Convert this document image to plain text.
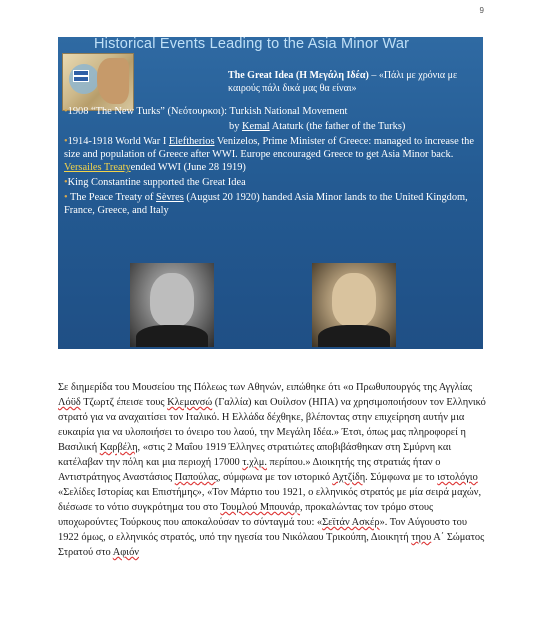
9
Historical Events Leading to the Asia Minor War
The Great Idea (Η Μεγάλη Ιδέα) – «Πάλι με χρόνια με καιρούς πάλι δικά μας θα είναι»
•1908 “The New Turks” (Νεότουρκοι): Turkish National Movement
by Kemal Ataturk (the father of the Turks)
•1914-1918 World War I Eleftherios Venizelos, Prime Minister of Greece: managed to increase the size and population of Greece after WWI. Europe encouraged Greece to get Asia Minor back. Versailes Treatyended WWI (June 28 1919)
•King Constantine supported the Great Idea
• The Peace Treaty of Sèvres (August 20 1920) handed Asia Minor lands to the United Kingdom, France, Greece, and Italy

Σε διημερίδα του Μουσείου της Πόλεως των Αθηνών, ειπώθηκε ότι «ο Πρωθυπουργός της Αγγλίας Λόϋδ Τζωρτζ έπεισε τους Κλεμανσώ (Γαλλία) και Ουίλσον (ΗΠΑ) να χρησιμοποιήσουν τον Ελληνικό στρατό για να αναχαιτίσει τον Ιταλικό. Η Ελλάδα δέχθηκε, βλέποντας στην επιχείρηση αυτήν μια ευκαιρία για να υλοποιήσει το όνειρο του λαού, την Μεγάλη Ιδέα.» Έτσι, όπως μας πληροφορεί η Βασιλική Καρβέλη, «στις 2 Μαΐου 1919 Έλληνες στρατιώτες αποβιβάσθηκαν στη Σμύρνη και κατέλαβαν την πόλη και μια περιοχή 17000 τ.χλμ. περίπου.» Διοικητής της στρατιάς ήταν ο Αντιστράτηγος Αναστάσιος Παπούλας, σύμφωνα με τον ιστορικό Αχτζίδη. Σύμφωνα με το ιστολόγιο «Σελίδες Ιστορίας και Επιστήμης», «Τον Μάρτιο του 1921, ο ελληνικός στρατός με μία σειρά μαχών, διέσωσε το νότιο συγκρότημα του στο Τουμλού Μπουνάρ, προκαλώντας τον τρόμο στους υποχωρούντες Τούρκους που αποκαλούσαν το σύνταγμά του: «Σεϊτάν Ασκέρ». Τον Αύγουστο του 1922 όμως, ο ελληνικός στρατός, υπό την ηγεσία του Νικόλαου Τρικούπη, Διοικητή τηου Α΄ Σώματος Στρατού στο Αφιόν
